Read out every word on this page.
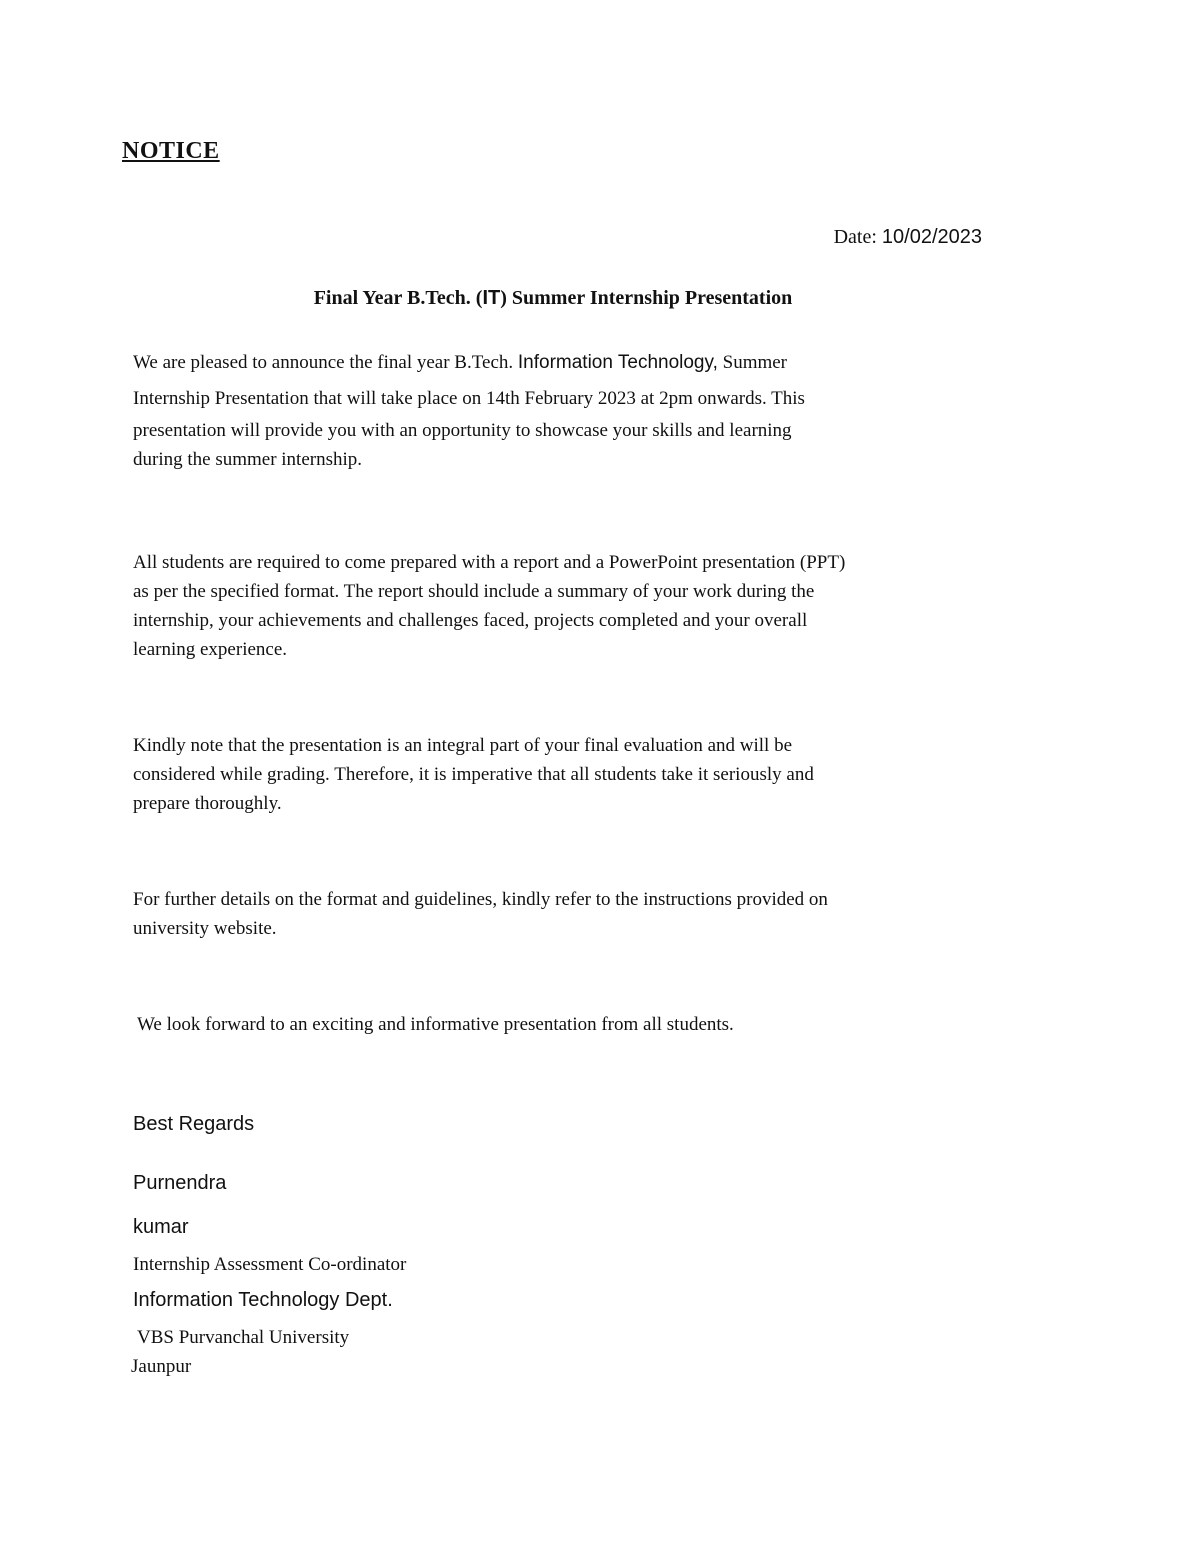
NOTICE
Date: 10/02/2023
Final Year B.Tech. (IT) Summer Internship Presentation
We are pleased to announce the final year B.Tech. Information Technology, Summer
Internship Presentation that will take place on 14th February 2023 at 2pm onwards. This
presentation will provide you with an opportunity to showcase your skills and learning
during the summer internship.
All students are required to come prepared with a report and a PowerPoint presentation (PPT)
as per the specified format. The report should include a summary of your work during the
internship, your achievements and challenges faced, projects completed and your overall
learning experience.
Kindly note that the presentation is an integral part of your final evaluation and will be
considered while grading. Therefore, it is imperative that all students take it seriously and
prepare thoroughly.
For further details on the format and guidelines, kindly refer to the instructions provided on
university website.
We look forward to an exciting and informative presentation from all students.
Best Regards
Purnendra
kumar
Internship Assessment Co-ordinator
Information Technology Dept.
VBS Purvanchal University
Jaunpur
